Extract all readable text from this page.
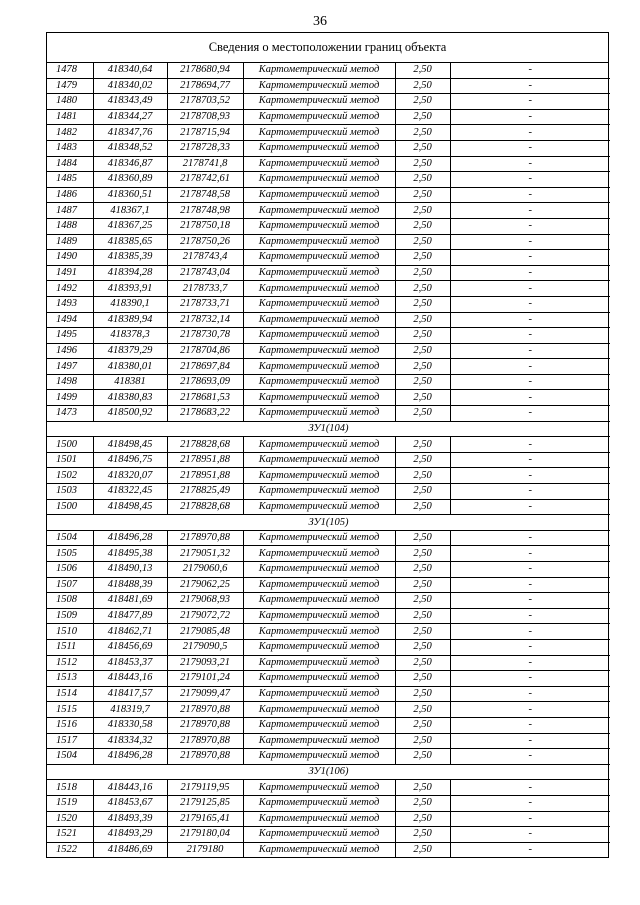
36
Сведения о местоположении границ объекта
1478	418340,64	2178680,94	Картометрический метод	2,50	-
1479	418340,02	2178694,77	Картометрический метод	2,50	-
1480	418343,49	2178703,52	Картометрический метод	2,50	-
1481	418344,27	2178708,93	Картометрический метод	2,50	-
1482	418347,76	2178715,94	Картометрический метод	2,50	-
1483	418348,52	2178728,33	Картометрический метод	2,50	-
1484	418346,87	2178741,8	Картометрический метод	2,50	-
1485	418360,89	2178742,61	Картометрический метод	2,50	-
1486	418360,51	2178748,58	Картометрический метод	2,50	-
1487	418367,1	2178748,98	Картометрический метод	2,50	-
1488	418367,25	2178750,18	Картометрический метод	2,50	-
1489	418385,65	2178750,26	Картометрический метод	2,50	-
1490	418385,39	2178743,4	Картометрический метод	2,50	-
1491	418394,28	2178743,04	Картометрический метод	2,50	-
1492	418393,91	2178733,7	Картометрический метод	2,50	-
1493	418390,1	2178733,71	Картометрический метод	2,50	-
1494	418389,94	2178732,14	Картометрический метод	2,50	-
1495	418378,3	2178730,78	Картометрический метод	2,50	-
1496	418379,29	2178704,86	Картометрический метод	2,50	-
1497	418380,01	2178697,84	Картометрический метод	2,50	-
1498	418381	2178693,09	Картометрический метод	2,50	-
1499	418380,83	2178681,53	Картометрический метод	2,50	-
1473	418500,92	2178683,22	Картометрический метод	2,50	-
ЗУ1(104)					
1500	418498,45	2178828,68	Картометрический метод	2,50	-
1501	418496,75	2178951,88	Картометрический метод	2,50	-
1502	418320,07	2178951,88	Картометрический метод	2,50	-
1503	418322,45	2178825,49	Картометрический метод	2,50	-
1500	418498,45	2178828,68	Картометрический метод	2,50	-
ЗУ1(105)					
1504	418496,28	2178970,88	Картометрический метод	2,50	-
1505	418495,38	2179051,32	Картометрический метод	2,50	-
1506	418490,13	2179060,6	Картометрический метод	2,50	-
1507	418488,39	2179062,25	Картометрический метод	2,50	-
1508	418481,69	2179068,93	Картометрический метод	2,50	-
1509	418477,89	2179072,72	Картометрический метод	2,50	-
1510	418462,71	2179085,48	Картометрический метод	2,50	-
1511	418456,69	2179090,5	Картометрический метод	2,50	-
1512	418453,37	2179093,21	Картометрический метод	2,50	-
1513	418443,16	2179101,24	Картометрический метод	2,50	-
1514	418417,57	2179099,47	Картометрический метод	2,50	-
1515	418319,7	2178970,88	Картометрический метод	2,50	-
1516	418330,58	2178970,88	Картометрический метод	2,50	-
1517	418334,32	2178970,88	Картометрический метод	2,50	-
1504	418496,28	2178970,88	Картометрический метод	2,50	-
ЗУ1(106)					
1518	418443,16	2179119,95	Картометрический метод	2,50	-
1519	418453,67	2179125,85	Картометрический метод	2,50	-
1520	418493,39	2179165,41	Картометрический метод	2,50	-
1521	418493,29	2179180,04	Картометрический метод	2,50	-
1522	418486,69	2179180	Картометрический метод	2,50	-
